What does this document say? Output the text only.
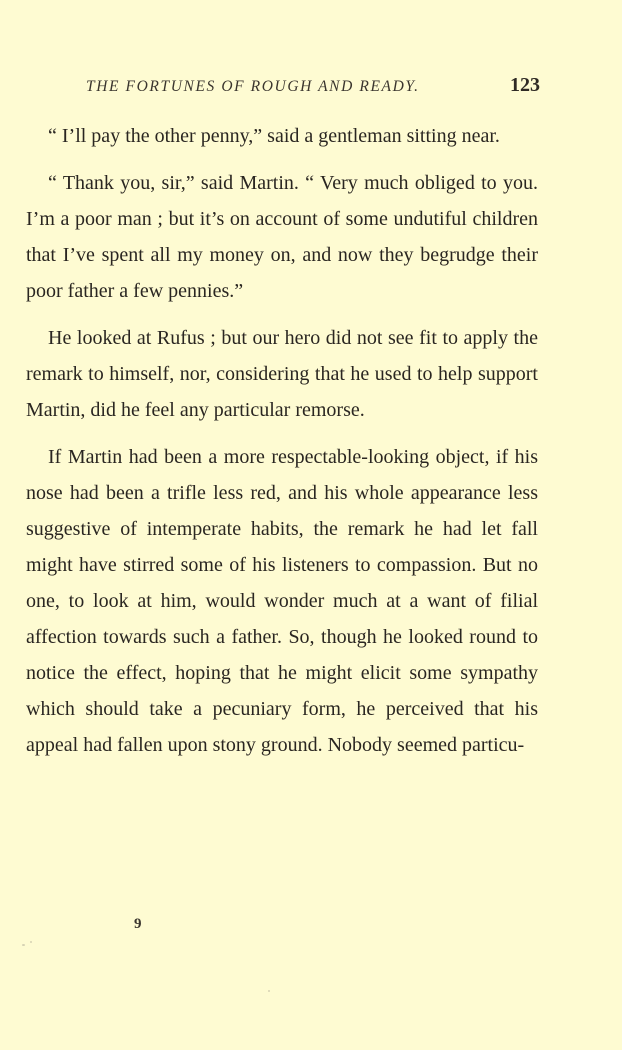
THE FORTUNES OF ROUGH AND READY.	123

“ I’ll pay the other penny,” said a gentleman sitting near.

“ Thank you, sir,” said Martin. “ Very much obliged to you. I’m a poor man ; but it’s on account of some undutiful children that I’ve spent all my money on, and now they begrudge their poor father a few pennies.”

He looked at Rufus ; but our hero did not see fit to apply the remark to himself, nor, considering that he used to help support Martin, did he feel any particular remorse.

If Martin had been a more respectable-looking object, if his nose had been a trifle less red, and his whole appearance less suggestive of intemperate habits, the remark he had let fall might have stirred some of his listeners to compassion. But no one, to look at him, would wonder much at a want of filial affection towards such a father. So, though he looked round to notice the effect, hoping that he might elicit some sympathy which should take a pecuniary form, he perceived that his appeal had fallen upon stony ground. Nobody seemed particu-

9
